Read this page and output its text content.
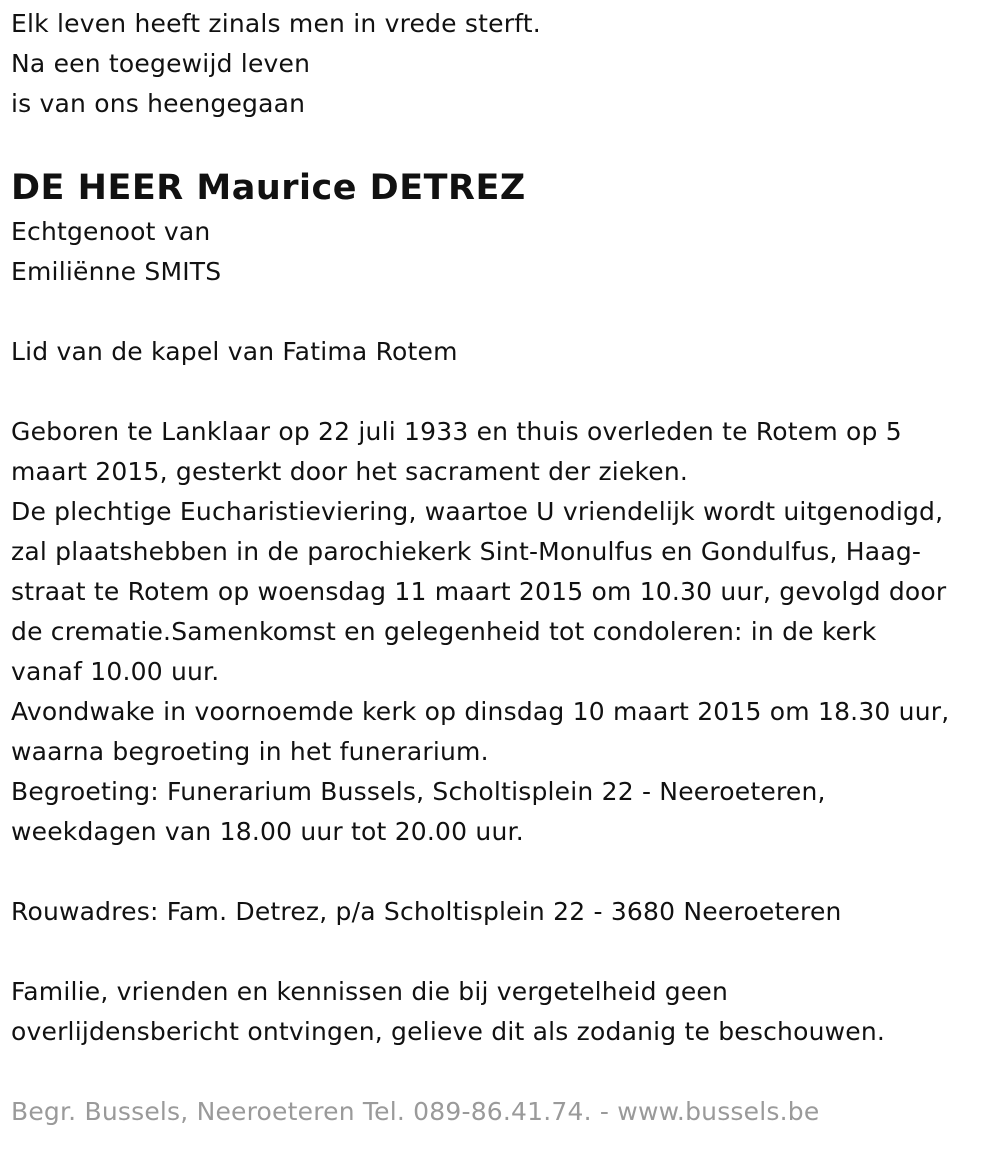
Elk leven heeft zinals men in vrede sterft.
Na een toegewijd leven
is van ons heengegaan
DE HEER Maurice DETREZ
Echtgenoot van
Emiliënne SMITS
Lid van de kapel van Fatima Rotem
Geboren te Lanklaar op 22 juli 1933 en thuis overleden te Rotem op 5
maart 2015, gesterkt door het sacrament der zieken.
De plechtige Eucharistieviering, waartoe U vriendelijk wordt uitgenodigd,
zal plaatshebben in de parochiekerk Sint-Monulfus en Gondulfus, Haag-
straat te Rotem op woensdag 11 maart 2015 om 10.30 uur, gevolgd door
de crematie.Samenkomst en gelegenheid tot condoleren: in de kerk
vanaf 10.00 uur.
Avondwake in voornoemde kerk op dinsdag 10 maart 2015 om 18.30 uur,
waarna begroeting in het funerarium.
Begroeting: Funerarium Bussels, Scholtisplein 22 - Neeroeteren,
weekdagen van 18.00 uur tot 20.00 uur.
Rouwadres: Fam. Detrez, p/a Scholtisplein 22 - 3680 Neeroeteren
Familie, vrienden en kennissen die bij vergetelheid geen
overlijdensbericht ontvingen, gelieve dit als zodanig te beschouwen.
Begr. Bussels, Neeroeteren Tel. 089-86.41.74. - www.bussels.be
